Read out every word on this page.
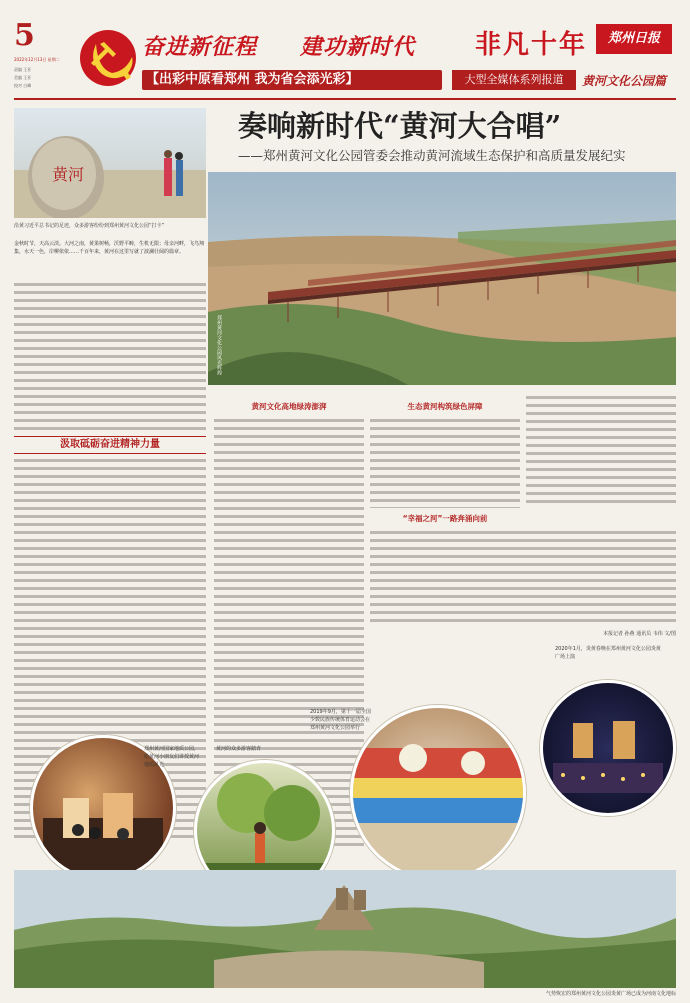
5
2022年12月13日 星期二
责编 王亚
美编 王亚
校对 白峰
奋进新征程 建功新时代 非凡十年	郑州日报
【出彩中原看郑州 我为省会添光彩】	大型全媒体系列报道	黄河文化公园篇
黄河
沿黄习近平总书记的足迹，众多游客纷纷到郑州黄河文化公园“打卡”
奏响新时代“黄河大合唱”
——郑州黄河文化公园管委会推动黄河流域生态保护和高质量发展纪实
郑州黄河文化公园风光辉煌
金秋时节，天高云淡。大河之南，黄果树畅，沃野平畴，生机无限；母亲河畔，飞鸟翔集，水天一色，岸柳依依……千百年来，黄河在这里写就了波澜壮阔的篇章。
汲取砥砺奋进精神力量
黄河文化高地绿涛澎湃	生态黄河构筑绿色屏障
“幸福之河”一路奔涌向前
本报记者 孙燕 通讯员 韦伟 文/图
郑州黄河国家地质公园，给黄河小朋友们讲授黄河地质风光
黄河的众多游客踏青
2019年9月，第十一届全国少数民族传统体育运动会在郑州黄河文化公园举行
2020年1月，炎黄春晚在郑州黄河文化公园炎黄广场上演
气势恢宏的郑州黄河文化公园炎黄广场已成为河南文化地标
